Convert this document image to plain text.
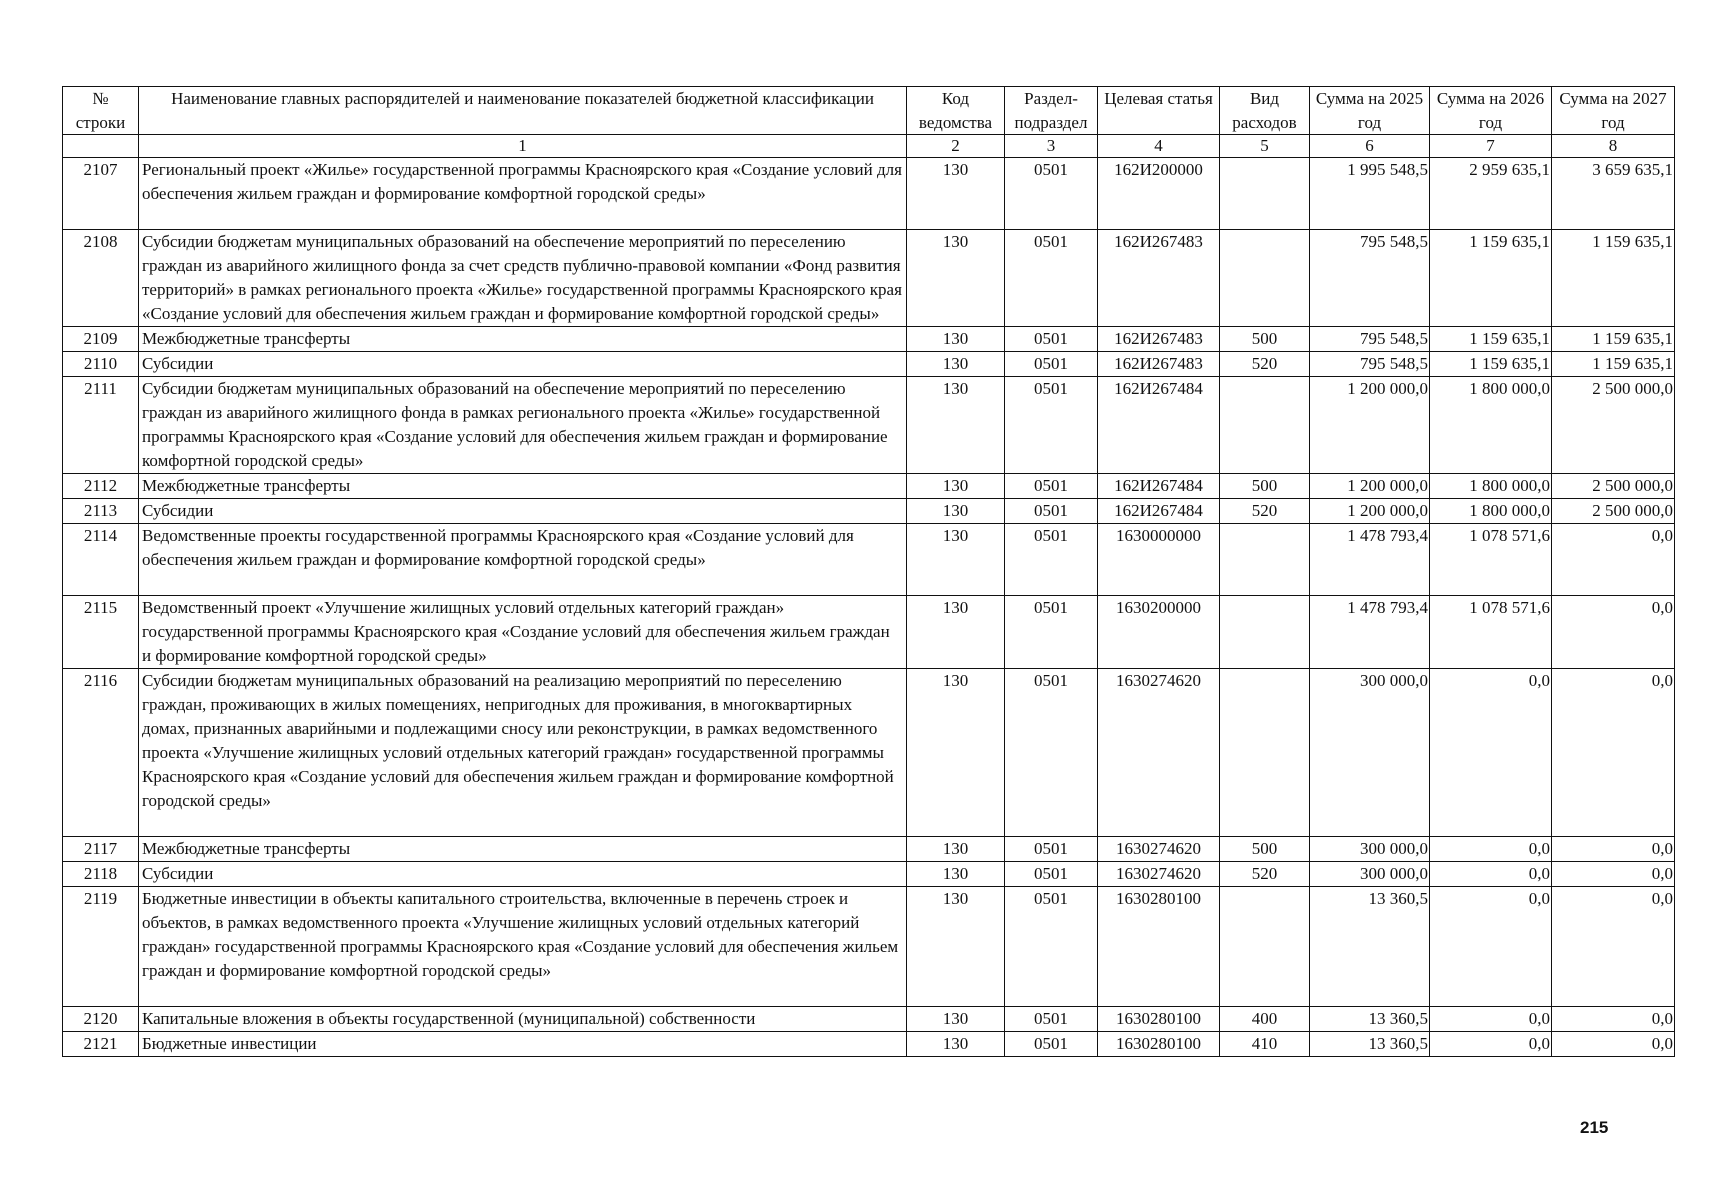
№ строки	Наименование главных распорядителей и наименование показателей бюджетной классификации	Код ведомства	Раздел-подраздел	Целевая статья	Вид расходов	Сумма на 2025 год	Сумма на 2026 год	Сумма на 2027 год
	1	2	3	4	5	6	7	8
2107	Региональный проект «Жилье» государственной программы Красноярского края «Создание условий для обеспечения жильем граждан и формирование комфортной городской среды»	130	0501	162И200000		1 995 548,5	2 959 635,1	3 659 635,1
2108	Субсидии бюджетам муниципальных образований на обеспечение мероприятий по переселению граждан из аварийного жилищного фонда за счет средств публично-правовой компании «Фонд развития территорий» в рамках регионального проекта «Жилье» государственной программы Красноярского края «Создание условий для обеспечения жильем граждан и формирование комфортной городской среды»	130	0501	162И267483		795 548,5	1 159 635,1	1 159 635,1
2109	Межбюджетные трансферты	130	0501	162И267483	500	795 548,5	1 159 635,1	1 159 635,1
2110	Субсидии	130	0501	162И267483	520	795 548,5	1 159 635,1	1 159 635,1
2111	Субсидии бюджетам муниципальных образований на обеспечение мероприятий по переселению граждан из аварийного жилищного фонда в рамках регионального проекта «Жилье» государственной программы Красноярского края «Создание условий для обеспечения жильем граждан и формирование комфортной городской среды»	130	0501	162И267484		1 200 000,0	1 800 000,0	2 500 000,0
2112	Межбюджетные трансферты	130	0501	162И267484	500	1 200 000,0	1 800 000,0	2 500 000,0
2113	Субсидии	130	0501	162И267484	520	1 200 000,0	1 800 000,0	2 500 000,0
2114	Ведомственные проекты государственной программы Красноярского края «Создание условий для обеспечения жильем граждан и формирование комфортной городской среды»	130	0501	1630000000		1 478 793,4	1 078 571,6	0,0
2115	Ведомственный проект «Улучшение жилищных условий отдельных категорий граждан» государственной программы Красноярского края «Создание условий для обеспечения жильем граждан и формирование комфортной городской среды»	130	0501	1630200000		1 478 793,4	1 078 571,6	0,0
2116	Субсидии бюджетам муниципальных образований на реализацию мероприятий по переселению граждан, проживающих в жилых помещениях, непригодных для проживания, в многоквартирных домах, признанных аварийными и подлежащими сносу или реконструкции, в рамках ведомственного проекта «Улучшение жилищных условий отдельных категорий граждан» государственной программы Красноярского края «Создание условий для обеспечения жильем граждан и формирование комфортной городской среды»	130	0501	1630274620		300 000,0	0,0	0,0
2117	Межбюджетные трансферты	130	0501	1630274620	500	300 000,0	0,0	0,0
2118	Субсидии	130	0501	1630274620	520	300 000,0	0,0	0,0
2119	Бюджетные инвестиции в объекты капитального строительства, включенные в перечень строек и объектов, в рамках ведомственного проекта «Улучшение жилищных условий отдельных категорий граждан» государственной программы Красноярского края «Создание условий для обеспечения жильем граждан и формирование комфортной городской среды»	130	0501	1630280100		13 360,5	0,0	0,0
2120	Капитальные вложения в объекты государственной (муниципальной) собственности	130	0501	1630280100	400	13 360,5	0,0	0,0
2121	Бюджетные инвестиции	130	0501	1630280100	410	13 360,5	0,0	0,0
215
